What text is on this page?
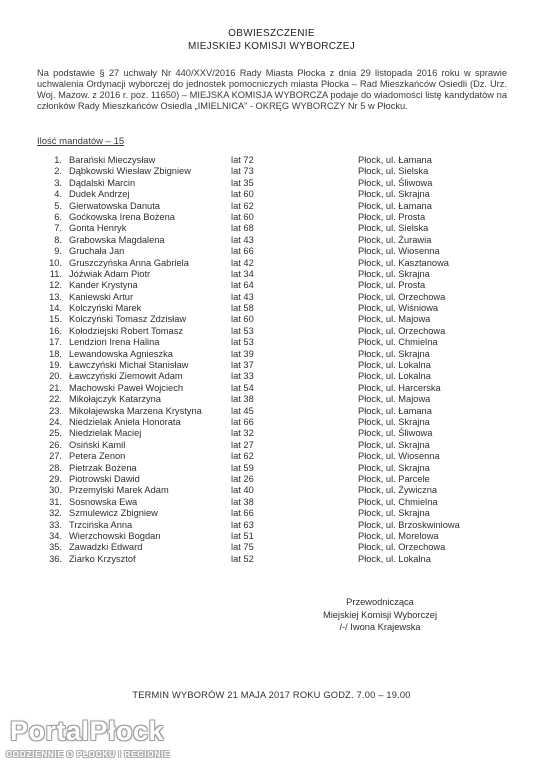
OBWIESZCZENIE
MIEJSKIEJ KOMISJI WYBORCZEJ
Na podstawie § 27 uchwały Nr 440/XXV/2016 Rady Miasta Płocka z dnia 29 listopada 2016 roku w sprawie uchwalenia Ordynacji wyborczej do jednostek pomocniczych miasta Płocka – Rad Mieszkańców Osiedli (Dz. Urz. Woj. Mazow. z 2016 r. poz. 11650) – MIEJSKA KOMISJA WYBORCZA podaje do wiadomości listę kandydatów na członków Rady Mieszkańców Osiedla „IMIELNICA” - OKRĘG WYBORCZY Nr 5 w Płocku.
Ilość mandatów – 15
1. Barański Mieczysław	lat 72	Płock, ul. Łamana
2. Dąbkowski Wiesław Zbigniew	lat 73	Płock, ul. Sielska
3. Dądalski Marcin	lat 35	Płock, ul. Śliwowa
4. Dudek Andrzej	lat 60	Płock, ul. Skrajna
5. Gierwatowska Danuta	lat 62	Płock, ul. Łamana
6. Goćkowska Irena Bożena	lat 60	Płock, ul. Prosta
7. Gonta Henryk	lat 68	Płock, ul. Sielska
8. Grabowska Magdalena	lat 43	Płock, ul. Żurawia
9. Gruchała Jan	lat 66	Płock, ul. Wiosenna
10. Gruszczyńska Anna Gabriela	lat 42	Płock, ul. Kasztanowa
11. Jóźwiak Adam Piotr	lat 34	Płock, ul. Skrajna
12. Kander Krystyna	lat 64	Płock, ul. Prosta
13. Kaniewski Artur	lat 43	Płock, ul. Orzechowa
14. Kolczyński Marek	lat 58	Płock, ul. Wiśniowa
15. Kolczyński Tomasz Zdzisław	lat 60	Płock, ul. Majowa
16. Kołodziejski Robert Tomasz	lat 53	Płock, ul. Orzechowa
17. Lendzion Irena Halina	lat 53	Płock, ul. Chmielna
18. Lewandowska Agnieszka	lat 39	Płock, ul. Skrajna
19. Ławczyński Michał Stanisław	lat 37	Płock, ul. Lokalna
20. Ławczyński Ziemowit Adam	lat 33	Płock, ul. Lokalna
21. Machowski Paweł Wojciech	lat 54	Płock, ul. Harcerska
22. Mikołajczyk Katarzyna	lat 38	Płock, ul. Majowa
23. Mikołajewska Marzena Krystyna	lat 45	Płock, ul. Łamana
24. Niedzielak Aniela Honorata	lat 66	Płock, ul. Skrajna
25. Niedzielak Maciej	lat 32	Płock, ul. Śliwowa
26. Osiński Kamil	lat 27	Płock, ul. Skrajna
27. Petera Zenon	lat 62	Płock, ul. Wiosenna
28. Pietrzak Bożena	lat 59	Płock, ul. Skrajna
29. Piotrowski Dawid	lat 26	Płock, ul. Parcele
30. Przemylski Marek Adam	lat 40	Płock, ul. Żywiczna
31. Sosnowska Ewa	lat 38	Płock, ul. Chmielna
32. Szmulewicz Zbigniew	lat 66	Płock, ul. Skrajna
33. Trzcińska Anna	lat 63	Płock, ul. Brzoskwiniowa
34. Wierzchowski Bogdan	lat 51	Płock, ul. Morelowa
35. Zawadzki Edward	lat 75	Płock, ul. Orzechowa
36. Ziarko Krzysztof	lat 52	Płock, ul. Lokalna
Przewodnicząca
Miejskiej Komisji Wyborczej
/-/ Iwona Krajewska
TERMIN WYBORÓW 21 MAJA 2017 ROKU GODZ. 7.00 – 19.00
PortalPłock
CODZIENNIE O PŁOCKU I REGIONIE
